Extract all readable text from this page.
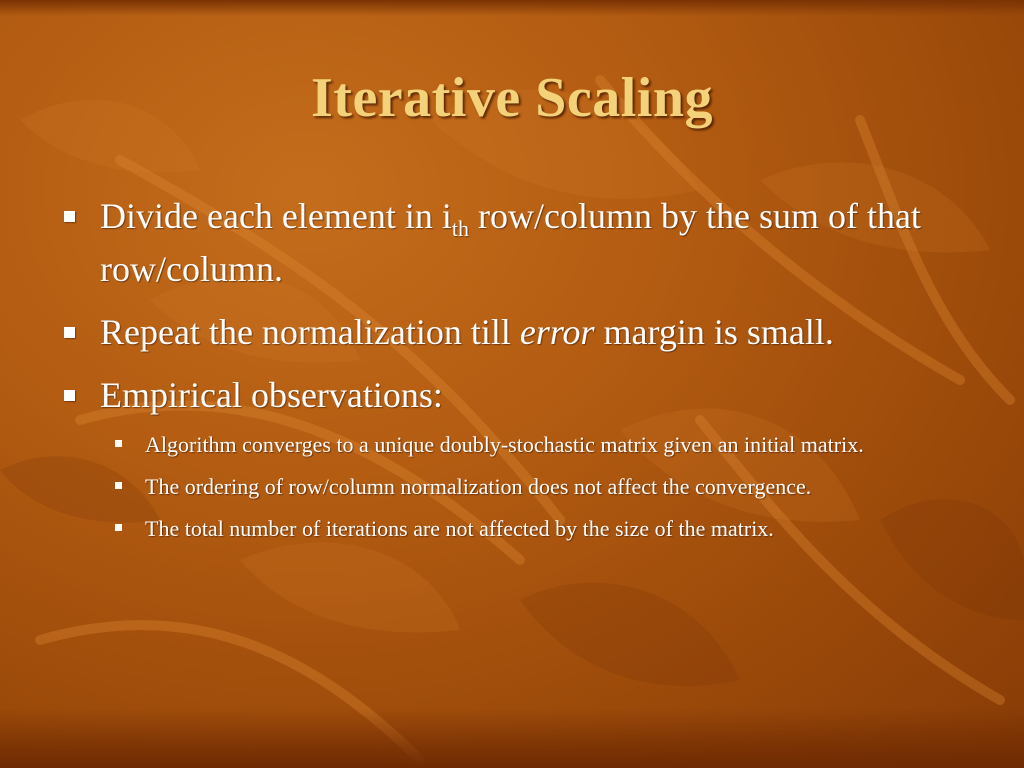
Iterative Scaling
Divide each element in $i_{th}$ row/column by the sum of that row/column.
Repeat the normalization till error margin is small.
Empirical observations:
Algorithm converges to a unique doubly-stochastic matrix given an initial matrix.
The ordering of row/column normalization does not affect the convergence.
The total number of iterations are not affected by the size of the matrix.
